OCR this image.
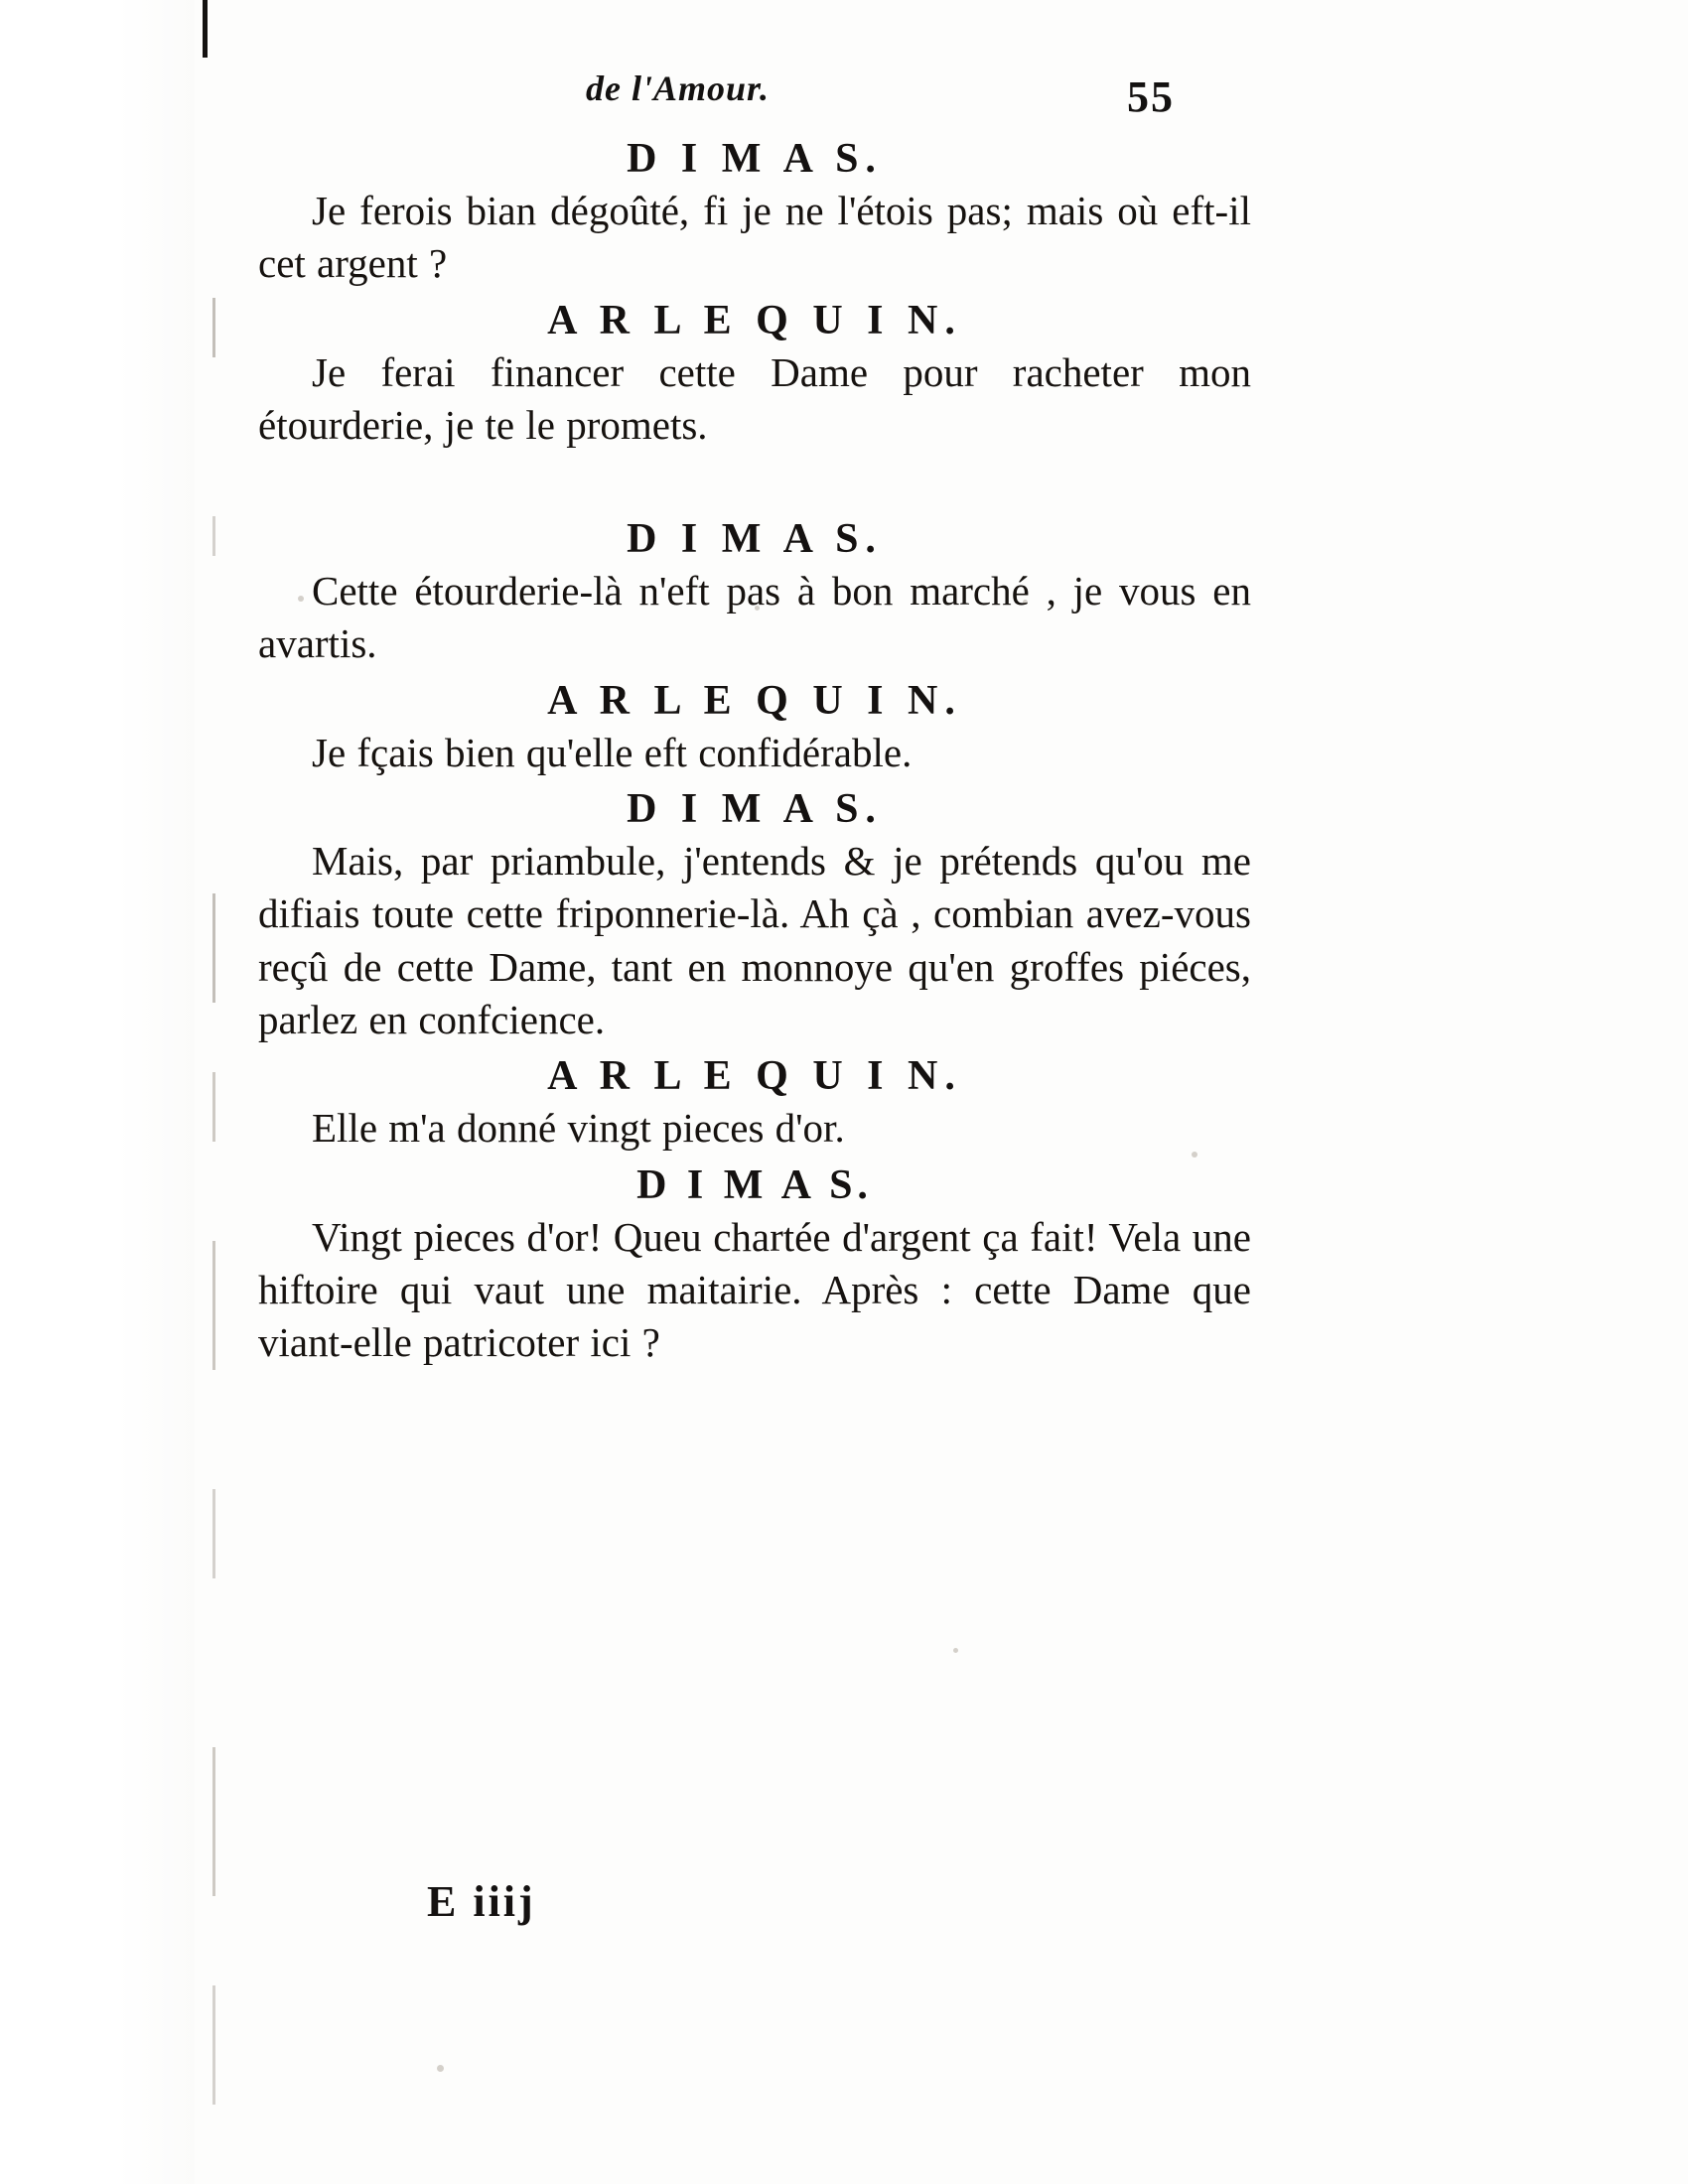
de l'Amour.	55
D I M A S.

Je ferois bian dégoûté, fi je ne l'étois pas; mais où eft-il cet argent ?

A R L E Q U I N.

Je ferai financer cette Dame pour racheter mon étourderie, je te le promets.

D I M A S.

Cette étourderie-là n'eft pas à bon marché , je vous en avartis.

A R L E Q U I N.

Je fçais bien qu'elle eft confidérable.

D I M A S.

Mais, par priambule, j'entends & je prétends qu'ou me difiais toute cette friponnerie-là. Ah çà , combian avez-vous reçû de cette Dame, tant en monnoye qu'en groffes piéces, parlez en confcience.

A R L E Q U I N.

Elle m'a donné vingt pieces d'or.

D I M A S.

Vingt pieces d'or! Queu chartée d'argent ça fait! Vela une hiftoire qui vaut une maitairie. Après : cette Dame que viant-elle patricoter ici ?

E iiij
